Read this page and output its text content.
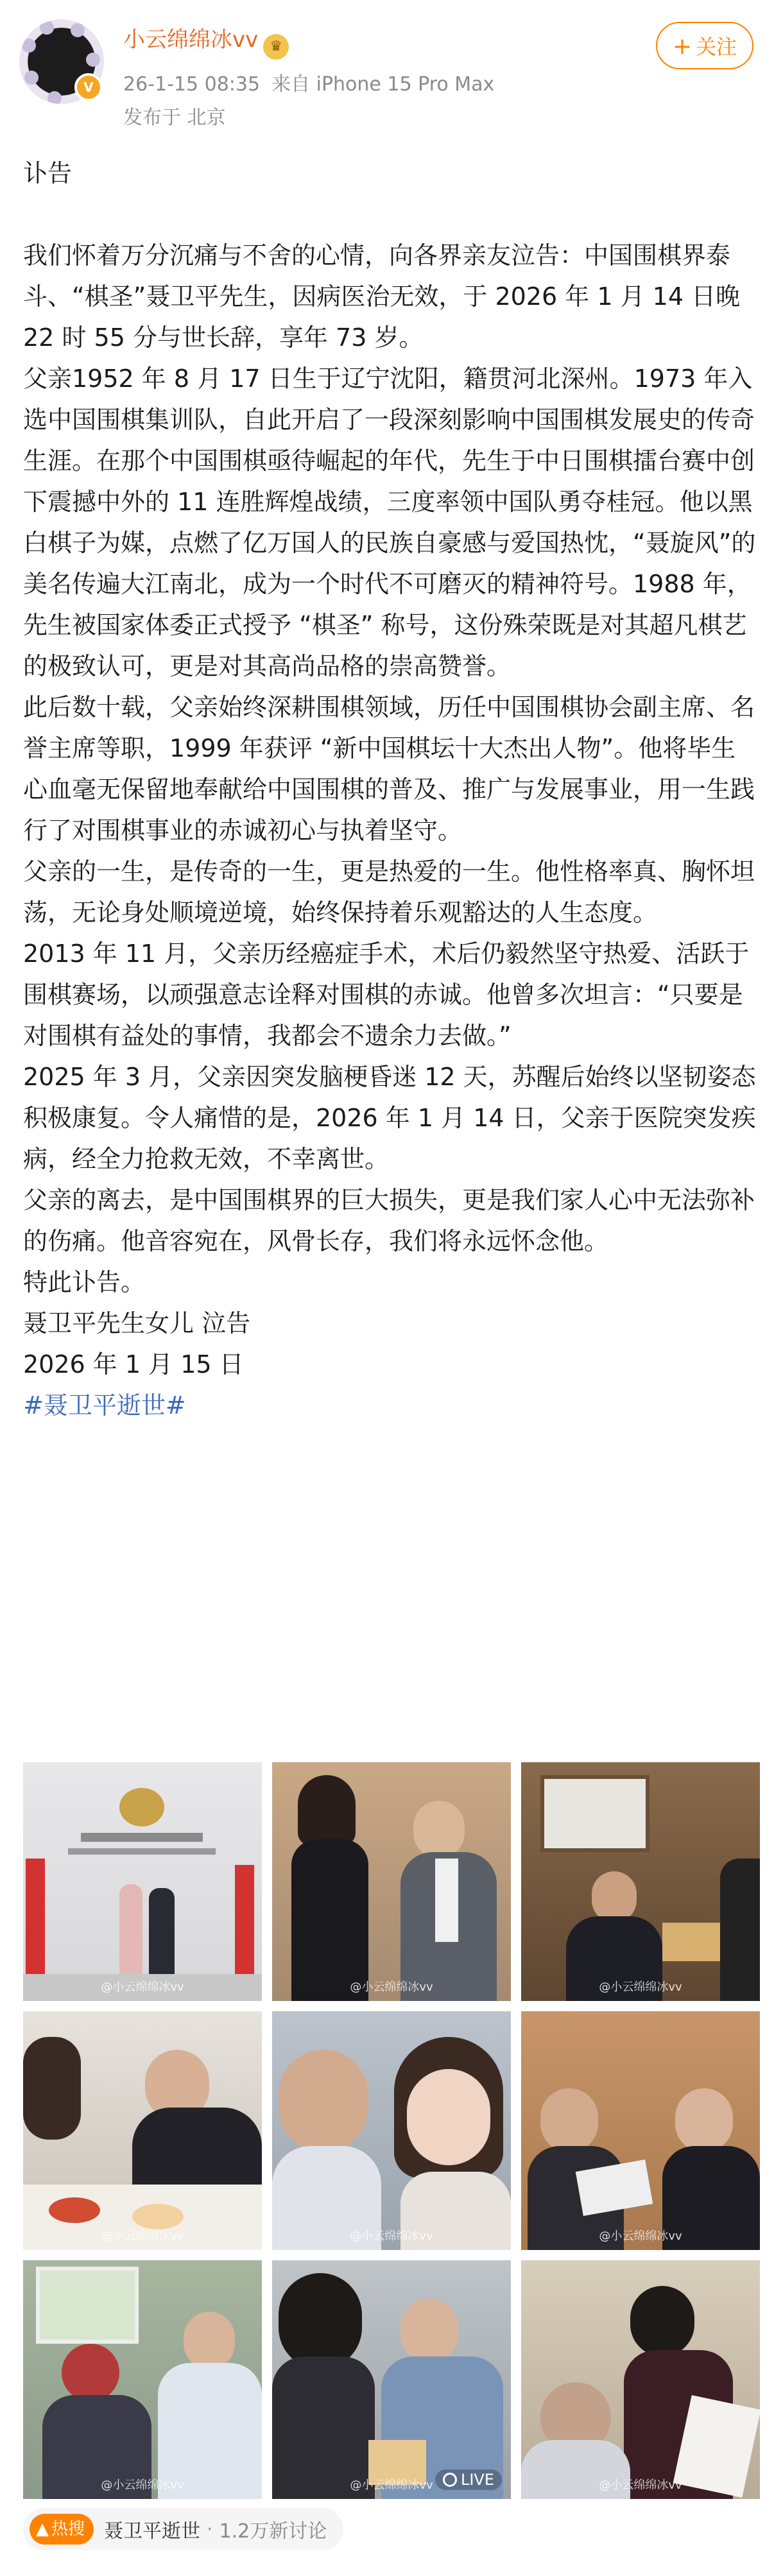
V
小云绵绵冰vv ♛
26-1-15 08:35 来自 iPhone 15 Pro Max
发布于 北京
+ 关注

讣告

我们怀着万分沉痛与不舍的心情，向各界亲友泣告：中国围棋界泰斗、“棋圣”聂卫平先生，因病医治无效，于 2026 年 1 月 14 日晚 22 时 55 分与世长辞，享年 73 岁。

父亲1952 年 8 月 17 日生于辽宁沈阳，籍贯河北深州。1973 年入选中国围棋集训队，自此开启了一段深刻影响中国围棋发展史的传奇生涯。在那个中国围棋亟待崛起的年代，先生于中日围棋擂台赛中创下震撼中外的 11 连胜辉煌战绩，三度率领中国队勇夺桂冠。他以黑白棋子为媒，点燃了亿万国人的民族自豪感与爱国热忱，“聂旋风”的美名传遍大江南北，成为一个时代不可磨灭的精神符号。1988 年，先生被国家体委正式授予 “棋圣” 称号，这份殊荣既是对其超凡棋艺的极致认可，更是对其高尚品格的崇高赞誉。

此后数十载，父亲始终深耕围棋领域，历任中国围棋协会副主席、名誉主席等职，1999 年获评 “新中国棋坛十大杰出人物”。他将毕生心血毫无保留地奉献给中国围棋的普及、推广与发展事业，用一生践行了对围棋事业的赤诚初心与执着坚守。

父亲的一生，是传奇的一生，更是热爱的一生。他性格率真、胸怀坦荡，无论身处顺境逆境，始终保持着乐观豁达的人生态度。

2013 年 11 月，父亲历经癌症手术，术后仍毅然坚守热爱、活跃于围棋赛场，以顽强意志诠释对围棋的赤诚。他曾多次坦言：“只要是对围棋有益处的事情，我都会不遗余力去做。”

2025 年 3 月，父亲因突发脑梗昏迷 12 天，苏醒后始终以坚韧姿态积极康复。令人痛惜的是，2026 年 1 月 14 日，父亲于医院突发疾病，经全力抢救无效，不幸离世。

父亲的离去，是中国围棋界的巨大损失，更是我们家人心中无法弥补的伤痛。他音容宛在，风骨长存，我们将永远怀念他。

特此讣告。

聂卫平先生女儿 泣告

2026 年 1 月 15 日

#聂卫平逝世#

@小云绵绵冰vv	@小云绵绵冰vv	@小云绵绵冰vv
@小云绵绵冰vv	@小云绵绵冰vv	@小云绵绵冰vv
@小云绵绵冰vv	@小云绵绵冰vv	LIVE	@小云绵绵冰vv
▲ 热搜	聂卫平逝世 · 1.2万新讨论
